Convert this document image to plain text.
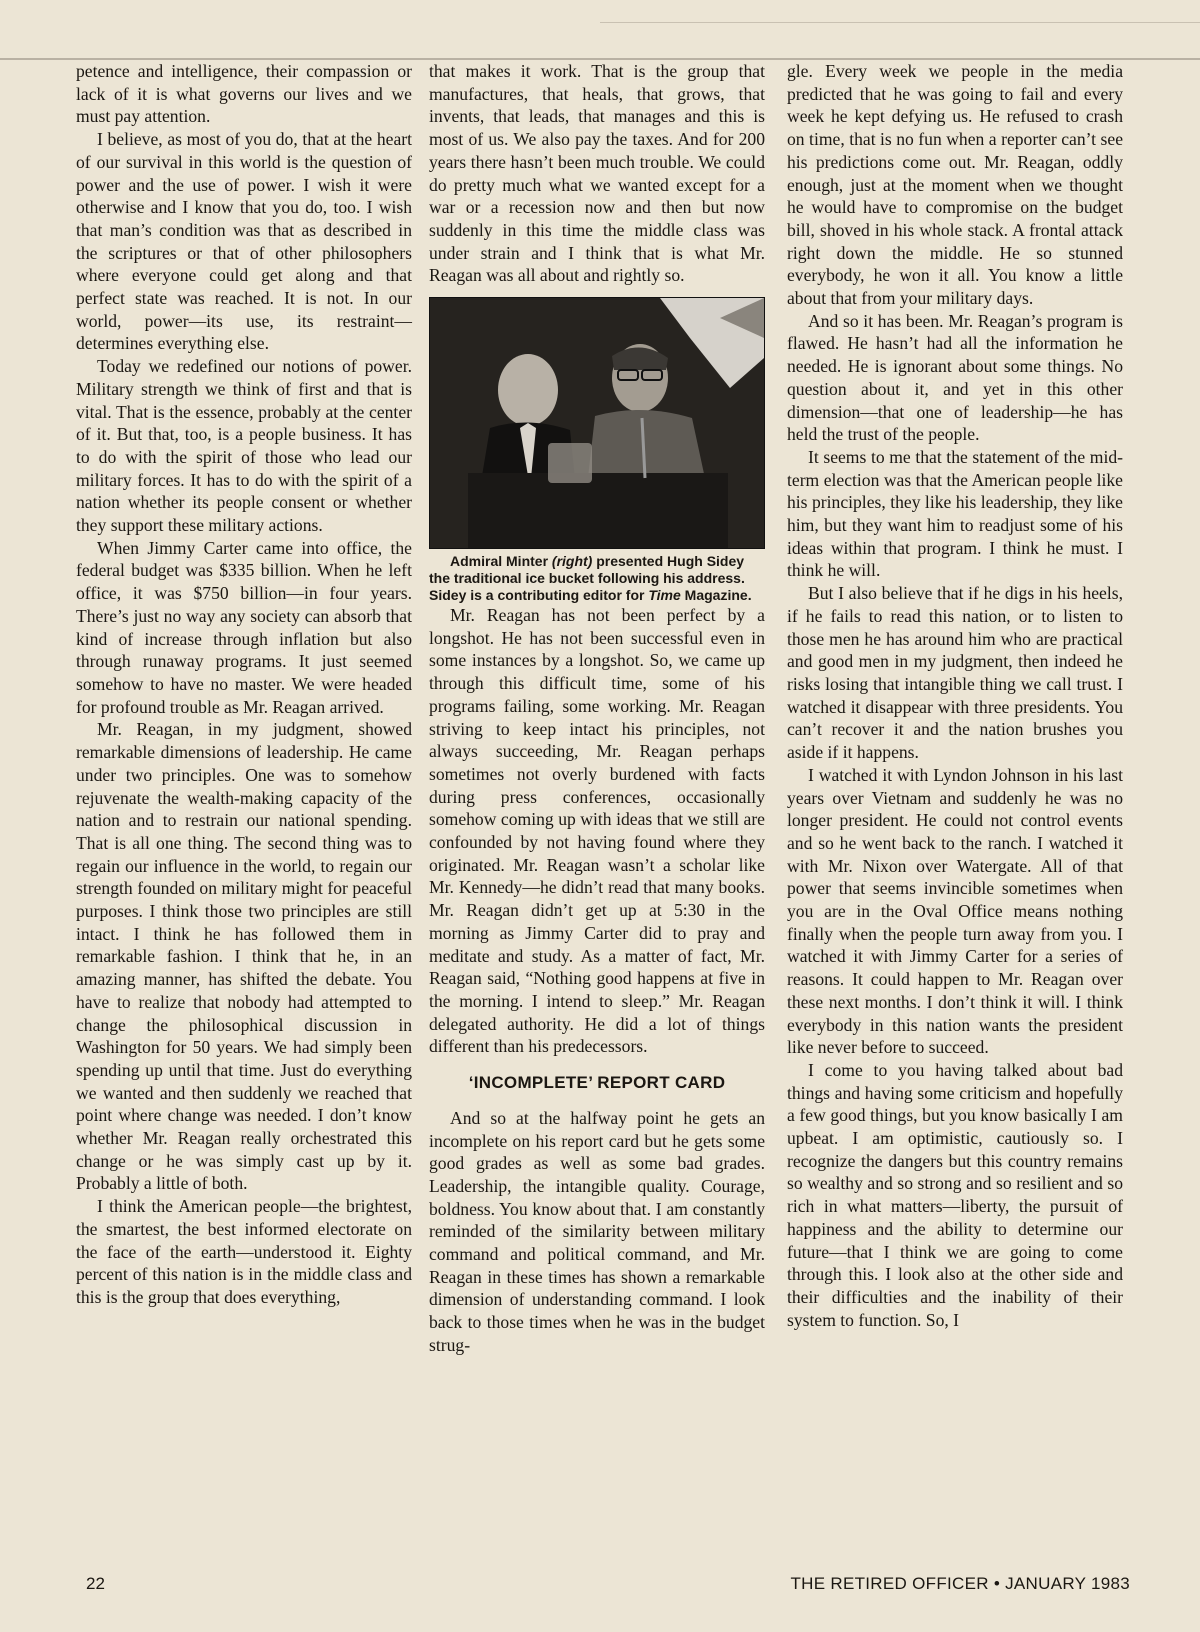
petence and intelligence, their compassion or lack of it is what governs our lives and we must pay attention.

I believe, as most of you do, that at the heart of our survival in this world is the question of power and the use of power. I wish it were otherwise and I know that you do, too. I wish that man’s condition was that as described in the scriptures or that of other philosophers where everyone could get along and that perfect state was reached. It is not. In our world, power—its use, its restraint—determines everything else.

Today we redefined our notions of power. Military strength we think of first and that is vital. That is the essence, probably at the center of it. But that, too, is a people business. It has to do with the spirit of those who lead our military forces. It has to do with the spirit of a nation whether its people consent or whether they support these military actions.

When Jimmy Carter came into office, the federal budget was $335 billion. When he left office, it was $750 billion—in four years. There’s just no way any society can absorb that kind of increase through inflation but also through runaway programs. It just seemed somehow to have no master. We were headed for profound trouble as Mr. Reagan arrived.

Mr. Reagan, in my judgment, showed remarkable dimensions of leadership. He came under two principles. One was to somehow rejuvenate the wealth-making capacity of the nation and to restrain our national spending. That is all one thing. The second thing was to regain our influence in the world, to regain our strength founded on military might for peaceful purposes. I think those two principles are still intact. I think he has followed them in remarkable fashion. I think that he, in an amazing manner, has shifted the debate. You have to realize that nobody had attempted to change the philosophical discussion in Washington for 50 years. We had simply been spending up until that time. Just do everything we wanted and then suddenly we reached that point where change was needed. I don’t know whether Mr. Reagan really orchestrated this change or he was simply cast up by it. Probably a little of both.

I think the American people—the brightest, the smartest, the best informed electorate on the face of the earth—understood it. Eighty percent of this nation is in the middle class and this is the group that does everything,

that makes it work. That is the group that manufactures, that heals, that grows, that invents, that leads, that manages and this is most of us. We also pay the taxes. And for 200 years there hasn’t been much trouble. We could do pretty much what we wanted except for a war or a recession now and then but now suddenly in this time the middle class was under strain and I think that is what Mr. Reagan was all about and rightly so.

Admiral Minter (right) presented Hugh Sidey the traditional ice bucket following his address. Sidey is a contributing editor for Time Magazine.

Mr. Reagan has not been perfect by a longshot. He has not been successful even in some instances by a longshot. So, we came up through this difficult time, some of his programs failing, some working. Mr. Reagan striving to keep intact his principles, not always succeeding, Mr. Reagan perhaps sometimes not overly burdened with facts during press conferences, occasionally somehow coming up with ideas that we still are confounded by not having found where they originated. Mr. Reagan wasn’t a scholar like Mr. Kennedy—he didn’t read that many books. Mr. Reagan didn’t get up at 5:30 in the morning as Jimmy Carter did to pray and meditate and study. As a matter of fact, Mr. Reagan said, “Nothing good happens at five in the morning. I intend to sleep.” Mr. Reagan delegated authority. He did a lot of things different than his predecessors.

‘INCOMPLETE’ REPORT CARD

And so at the halfway point he gets an incomplete on his report card but he gets some good grades as well as some bad grades. Leadership, the intangible quality. Courage, boldness. You know about that. I am constantly reminded of the similarity between military command and political command, and Mr. Reagan in these times has shown a remarkable dimension of understanding command. I look back to those times when he was in the budget strug-

gle. Every week we people in the media predicted that he was going to fail and every week he kept defying us. He refused to crash on time, that is no fun when a reporter can’t see his predictions come out. Mr. Reagan, oddly enough, just at the moment when we thought he would have to compromise on the budget bill, shoved in his whole stack. A frontal attack right down the middle. He so stunned everybody, he won it all. You know a little about that from your military days.

And so it has been. Mr. Reagan’s program is flawed. He hasn’t had all the information he needed. He is ignorant about some things. No question about it, and yet in this other dimension—that one of leadership—he has held the trust of the people.

It seems to me that the statement of the mid-term election was that the American people like his principles, they like his leadership, they like him, but they want him to readjust some of his ideas within that program. I think he must. I think he will.

But I also believe that if he digs in his heels, if he fails to read this nation, or to listen to those men he has around him who are practical and good men in my judgment, then indeed he risks losing that intangible thing we call trust. I watched it disappear with three presidents. You can’t recover it and the nation brushes you aside if it happens.

I watched it with Lyndon Johnson in his last years over Vietnam and suddenly he was no longer president. He could not control events and so he went back to the ranch. I watched it with Mr. Nixon over Watergate. All of that power that seems invincible sometimes when you are in the Oval Office means nothing finally when the people turn away from you. I watched it with Jimmy Carter for a series of reasons. It could happen to Mr. Reagan over these next months. I don’t think it will. I think everybody in this nation wants the president like never before to succeed.

I come to you having talked about bad things and having some criticism and hopefully a few good things, but you know basically I am upbeat. I am optimistic, cautiously so. I recognize the dangers but this country remains so wealthy and so strong and so resilient and so rich in what matters—liberty, the pursuit of happiness and the ability to determine our future—that I think we are going to come through this. I look also at the other side and their difficulties and the inability of their system to function. So, I

22	THE RETIRED OFFICER • JANUARY 1983
